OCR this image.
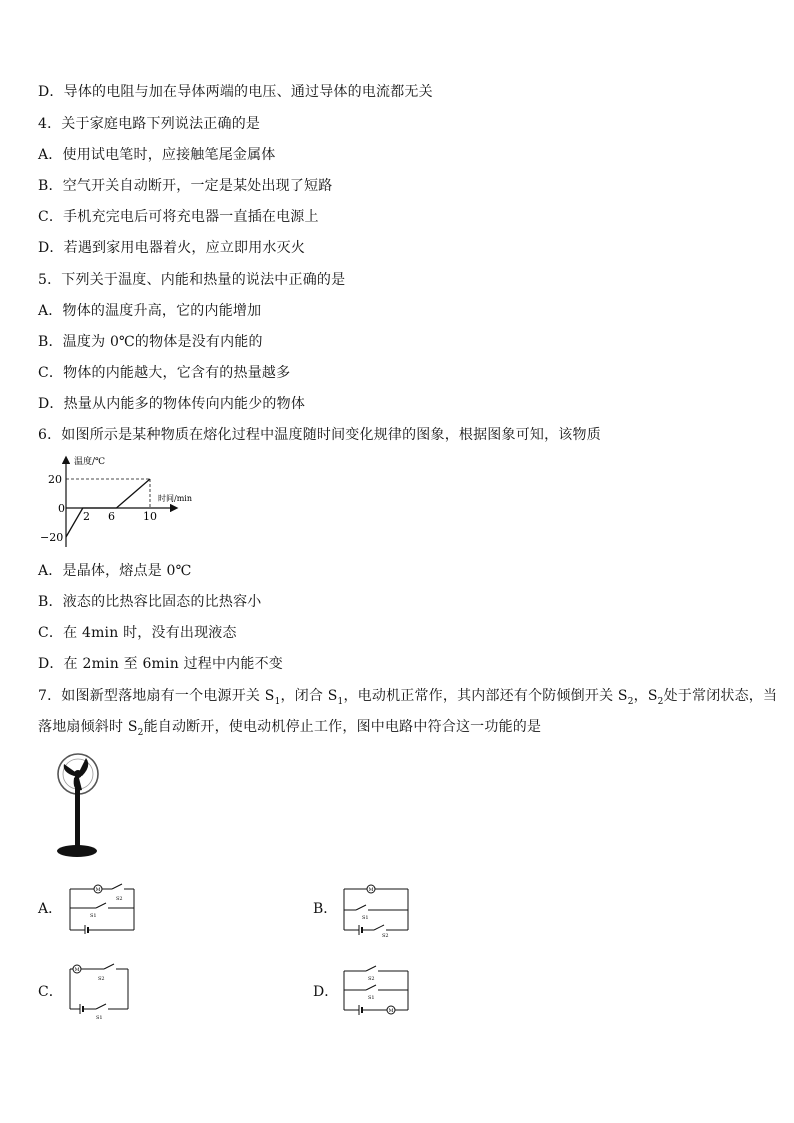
D．导体的电阻与加在导体两端的电压、通过导体的电流都无关
4．关于家庭电路下列说法正确的是
A．使用试电笔时，应接触笔尾金属体
B．空气开关自动断开，一定是某处出现了短路
C．手机充完电后可将充电器一直插在电源上
D．若遇到家用电器着火，应立即用水灭火
5．下列关于温度、内能和热量的说法中正确的是
A．物体的温度升高，它的内能增加
B．温度为 0℃的物体是没有内能的
C．物体的内能越大，它含有的热量越多
D．热量从内能多的物体传向内能少的物体
6．如图所示是某种物质在熔化过程中温度随时间变化规律的图象，根据图象可知，该物质
温度/℃
时间/min
20
0
−20
2 6	10
A．是晶体，熔点是 0℃
B．液态的比热容比固态的比热容小
C．在 4min 时，没有出现液态
D．在 2min 至 6min 过程中内能不变
7．如图新型落地扇有一个电源开关 $S_1$，闭合 $S_1$，电动机正常作，其内部还有个防倾倒开关 $S_2$，$S_2$处于常闭状态，当
落地扇倾斜时 $S_2$能自动断开，使电动机停止工作，图中电路中符合这一功能的是
A．
M
S2
S1	B．
M
S1
S2
C．
M
S2
S1
D．
M
S2
S1
